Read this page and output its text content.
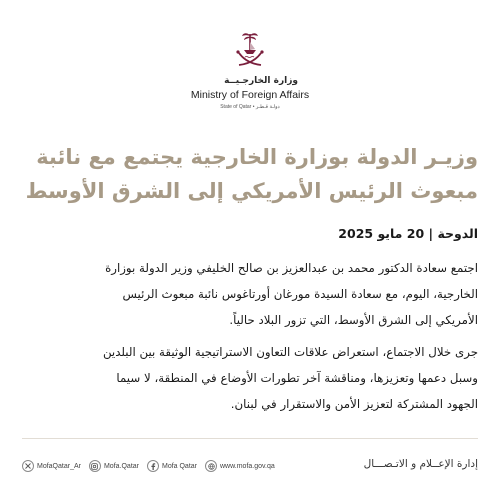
وزارة الخارجـيــة
Ministry of Foreign Affairs
State of Qatar • دولـة قـطـر
وزيـر الدولة بوزارة الخارجية يجتمع مع نائبة
مبعوث الرئيس الأمريكي إلى الشرق الأوسط
الدوحة | 20 مايو 2025
اجتمع سعادة الدكتور محمد بن عبدالعزيز بن صالح الخليفي وزير الدولة بوزارة
الخارجية، اليوم، مع سعادة السيدة مورغان أورتاغوس نائبة مبعوث الرئيس
الأمريكي إلى الشرق الأوسط، التي تزور البلاد حالياً.
جرى خلال الاجتماع، استعراض علاقات التعاون الاستراتيجية الوثيقة بين البلدين
وسبل دعمها وتعزيزها، ومناقشة آخر تطورات الأوضاع في المنطقة، لا سيما
الجهود المشتركة لتعزيز الأمن والاستقرار في لبنان.
إدارة الإعــلام و الاتـصـــال
MofaQatar_Ar	Mofa.Qatar	Mofa Qatar	www.mofa.gov.qa
